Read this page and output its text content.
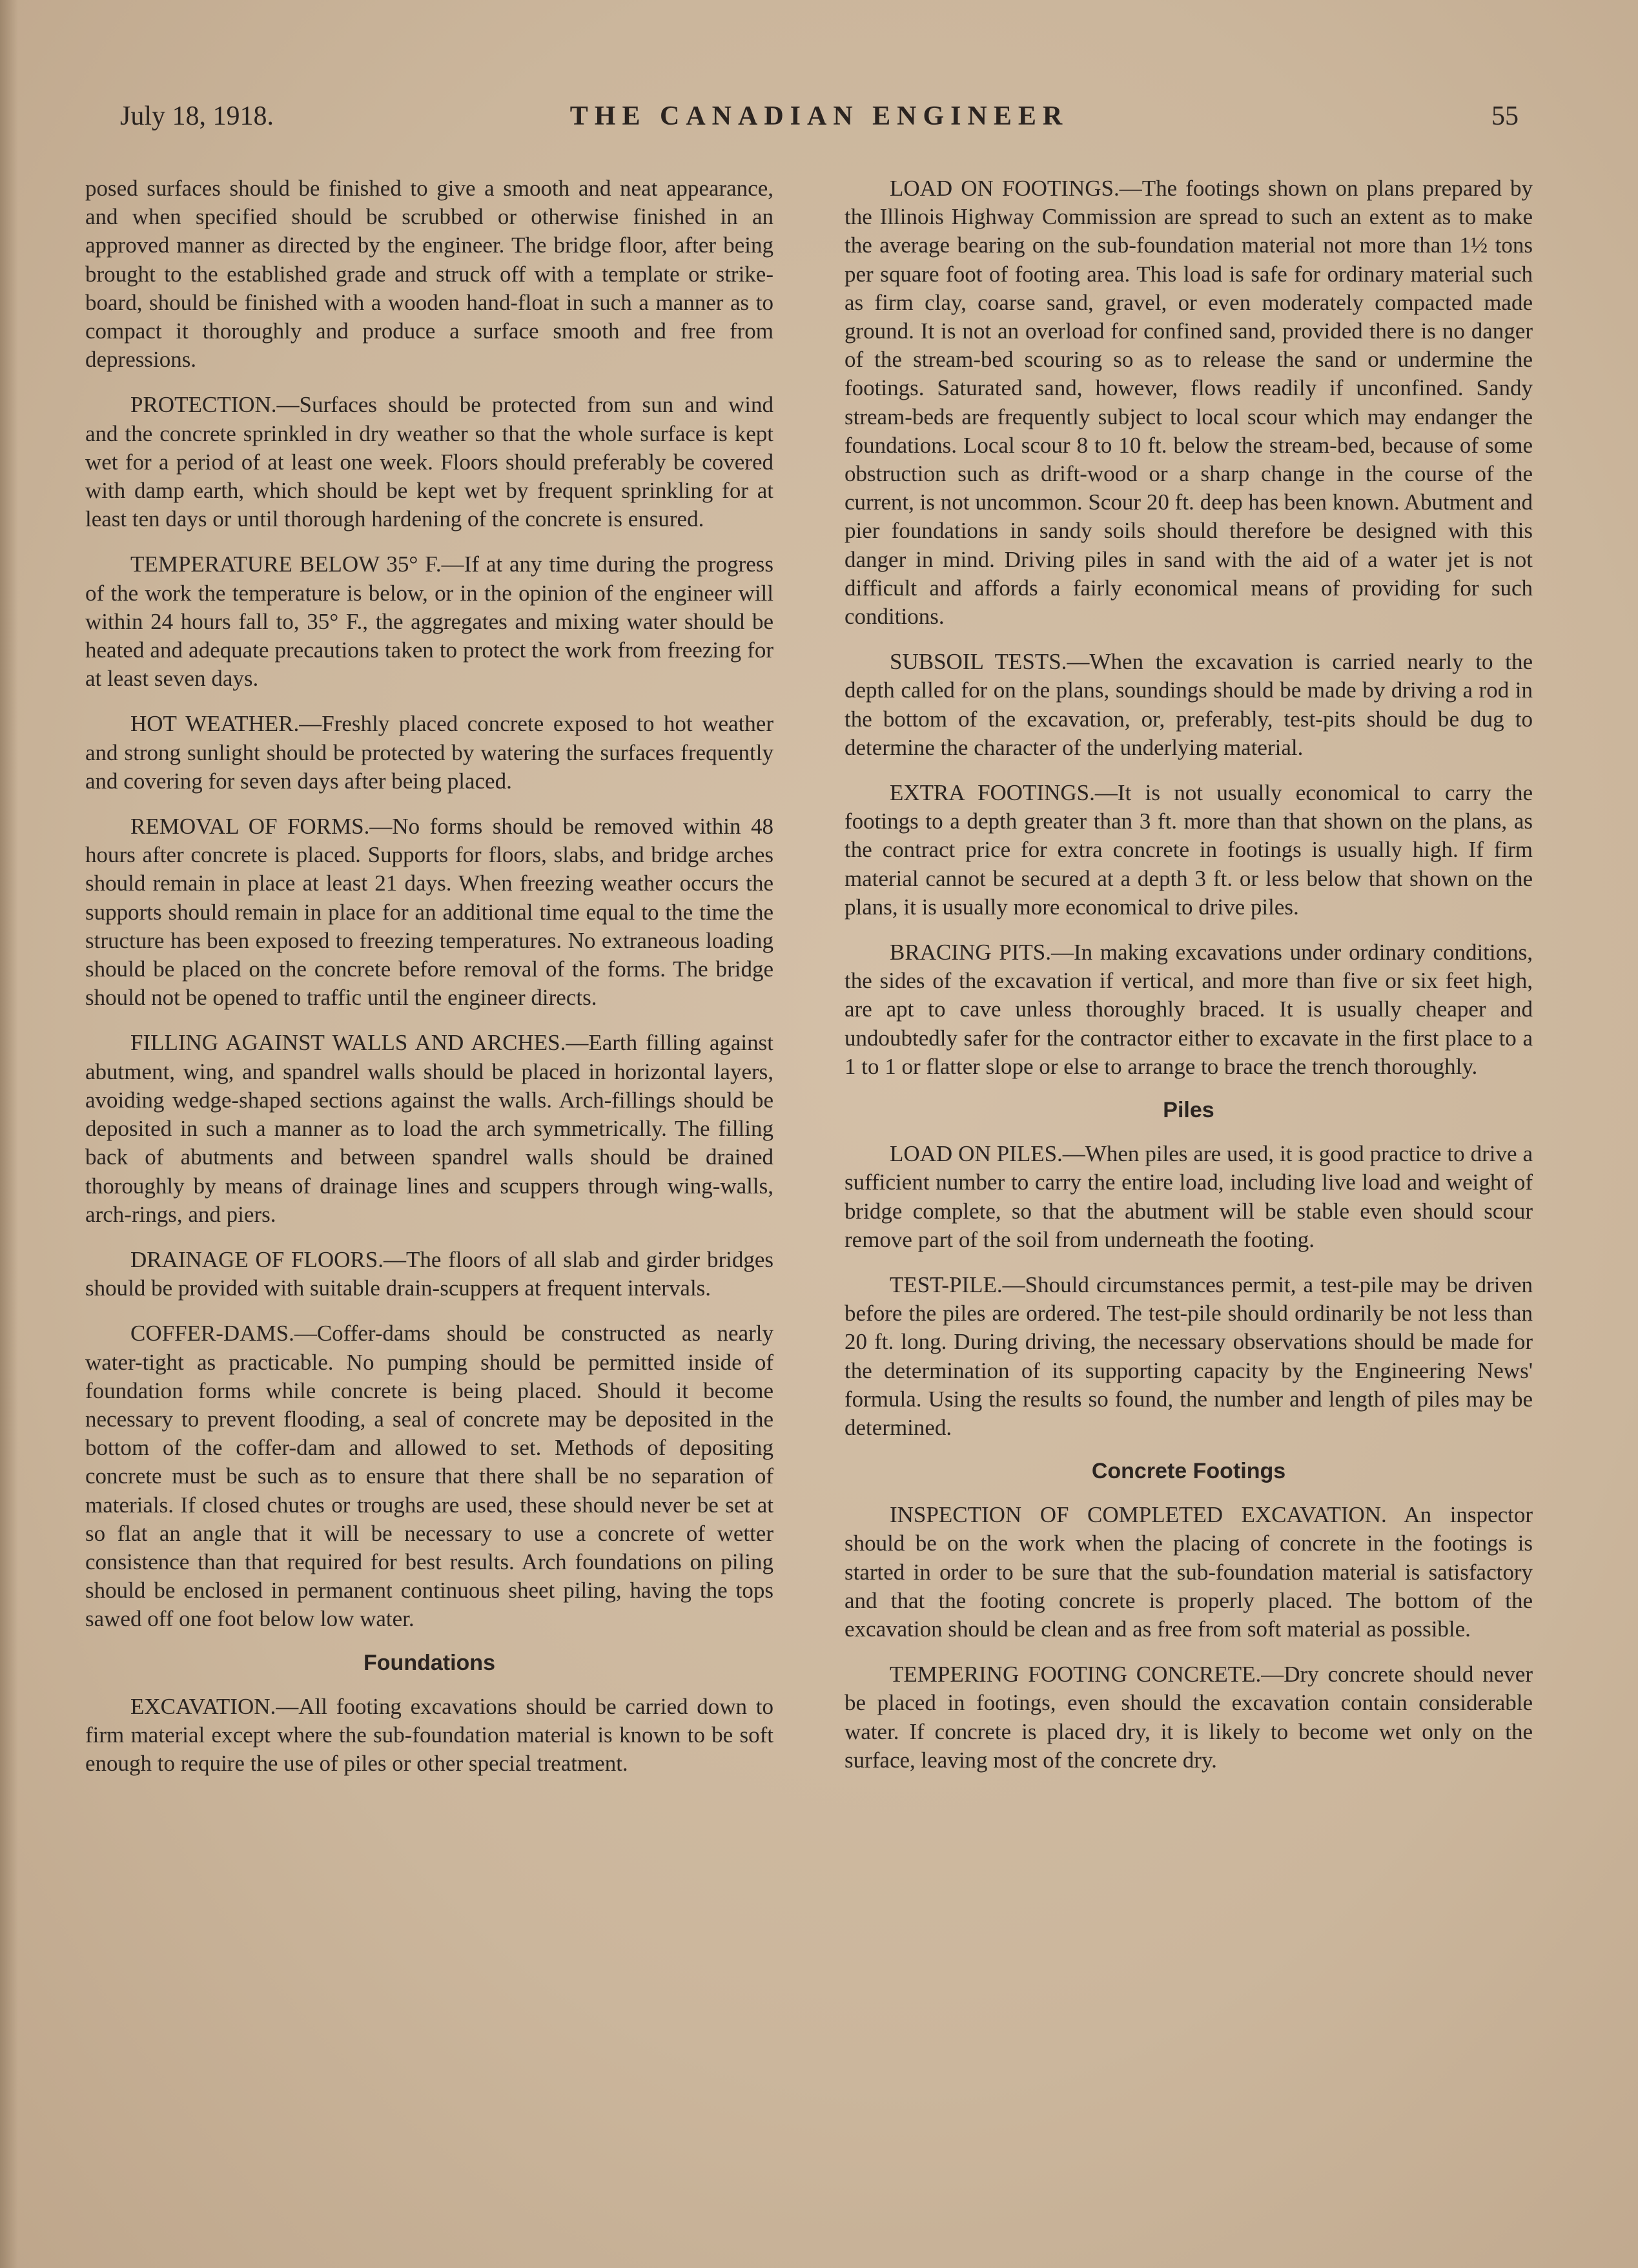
July 18, 1918.	THE CANADIAN ENGINEER	55

posed surfaces should be finished to give a smooth and neat appearance, and when specified should be scrubbed or otherwise finished in an approved manner as directed by the engineer. The bridge floor, after being brought to the established grade and struck off with a template or strike-board, should be finished with a wooden hand-float in such a manner as to compact it thoroughly and produce a surface smooth and free from depressions.

PROTECTION.—Surfaces should be protected from sun and wind and the concrete sprinkled in dry weather so that the whole surface is kept wet for a period of at least one week. Floors should preferably be covered with damp earth, which should be kept wet by frequent sprinkling for at least ten days or until thorough hardening of the concrete is ensured.

TEMPERATURE BELOW 35° F.—If at any time during the progress of the work the temperature is below, or in the opinion of the engineer will within 24 hours fall to, 35° F., the aggregates and mixing water should be heated and adequate precautions taken to protect the work from freezing for at least seven days.

HOT WEATHER.—Freshly placed concrete exposed to hot weather and strong sunlight should be protected by watering the surfaces frequently and covering for seven days after being placed.

REMOVAL OF FORMS.—No forms should be removed within 48 hours after concrete is placed. Supports for floors, slabs, and bridge arches should remain in place at least 21 days. When freezing weather occurs the supports should remain in place for an additional time equal to the time the structure has been exposed to freezing temperatures. No extraneous loading should be placed on the concrete before removal of the forms. The bridge should not be opened to traffic until the engineer directs.

FILLING AGAINST WALLS AND ARCHES.—Earth filling against abutment, wing, and spandrel walls should be placed in horizontal layers, avoiding wedge-shaped sections against the walls. Arch-fillings should be deposited in such a manner as to load the arch symmetrically. The filling back of abutments and between spandrel walls should be drained thoroughly by means of drainage lines and scuppers through wing-walls, arch-rings, and piers.

DRAINAGE OF FLOORS.—The floors of all slab and girder bridges should be provided with suitable drain-scuppers at frequent intervals.

COFFER-DAMS.—Coffer-dams should be constructed as nearly water-tight as practicable. No pumping should be permitted inside of foundation forms while concrete is being placed. Should it become necessary to prevent flooding, a seal of concrete may be deposited in the bottom of the coffer-dam and allowed to set. Methods of depositing concrete must be such as to ensure that there shall be no separation of materials. If closed chutes or troughs are used, these should never be set at so flat an angle that it will be necessary to use a concrete of wetter consistence than that required for best results. Arch foundations on piling should be enclosed in permanent continuous sheet piling, having the tops sawed off one foot below low water.

Foundations

EXCAVATION.—All footing excavations should be carried down to firm material except where the sub-foundation material is known to be soft enough to require the use of piles or other special treatment.

LOAD ON FOOTINGS.—The footings shown on plans prepared by the Illinois Highway Commission are spread to such an extent as to make the average bearing on the sub-foundation material not more than 1½ tons per square foot of footing area. This load is safe for ordinary material such as firm clay, coarse sand, gravel, or even moderately compacted made ground. It is not an overload for confined sand, provided there is no danger of the stream-bed scouring so as to release the sand or undermine the footings. Saturated sand, however, flows readily if unconfined. Sandy stream-beds are frequently subject to local scour which may endanger the foundations. Local scour 8 to 10 ft. below the stream-bed, because of some obstruction such as drift-wood or a sharp change in the course of the current, is not uncommon. Scour 20 ft. deep has been known. Abutment and pier foundations in sandy soils should therefore be designed with this danger in mind. Driving piles in sand with the aid of a water jet is not difficult and affords a fairly economical means of providing for such conditions.

SUBSOIL TESTS.—When the excavation is carried nearly to the depth called for on the plans, soundings should be made by driving a rod in the bottom of the excavation, or, preferably, test-pits should be dug to determine the character of the underlying material.

EXTRA FOOTINGS.—It is not usually economical to carry the footings to a depth greater than 3 ft. more than that shown on the plans, as the contract price for extra concrete in footings is usually high. If firm material cannot be secured at a depth 3 ft. or less below that shown on the plans, it is usually more economical to drive piles.

BRACING PITS.—In making excavations under ordinary conditions, the sides of the excavation if vertical, and more than five or six feet high, are apt to cave unless thoroughly braced. It is usually cheaper and undoubtedly safer for the contractor either to excavate in the first place to a 1 to 1 or flatter slope or else to arrange to brace the trench thoroughly.

Piles

LOAD ON PILES.—When piles are used, it is good practice to drive a sufficient number to carry the entire load, including live load and weight of bridge complete, so that the abutment will be stable even should scour remove part of the soil from underneath the footing.

TEST-PILE.—Should circumstances permit, a test-pile may be driven before the piles are ordered. The test-pile should ordinarily be not less than 20 ft. long. During driving, the necessary observations should be made for the determination of its supporting capacity by the Engineering News' formula. Using the results so found, the number and length of piles may be determined.

Concrete Footings

INSPECTION OF COMPLETED EXCAVATION. An inspector should be on the work when the placing of concrete in the footings is started in order to be sure that the sub-foundation material is satisfactory and that the footing concrete is properly placed. The bottom of the excavation should be clean and as free from soft material as possible.

TEMPERING FOOTING CONCRETE.—Dry concrete should never be placed in footings, even should the excavation contain considerable water. If concrete is placed dry, it is likely to become wet only on the surface, leaving most of the concrete dry.
